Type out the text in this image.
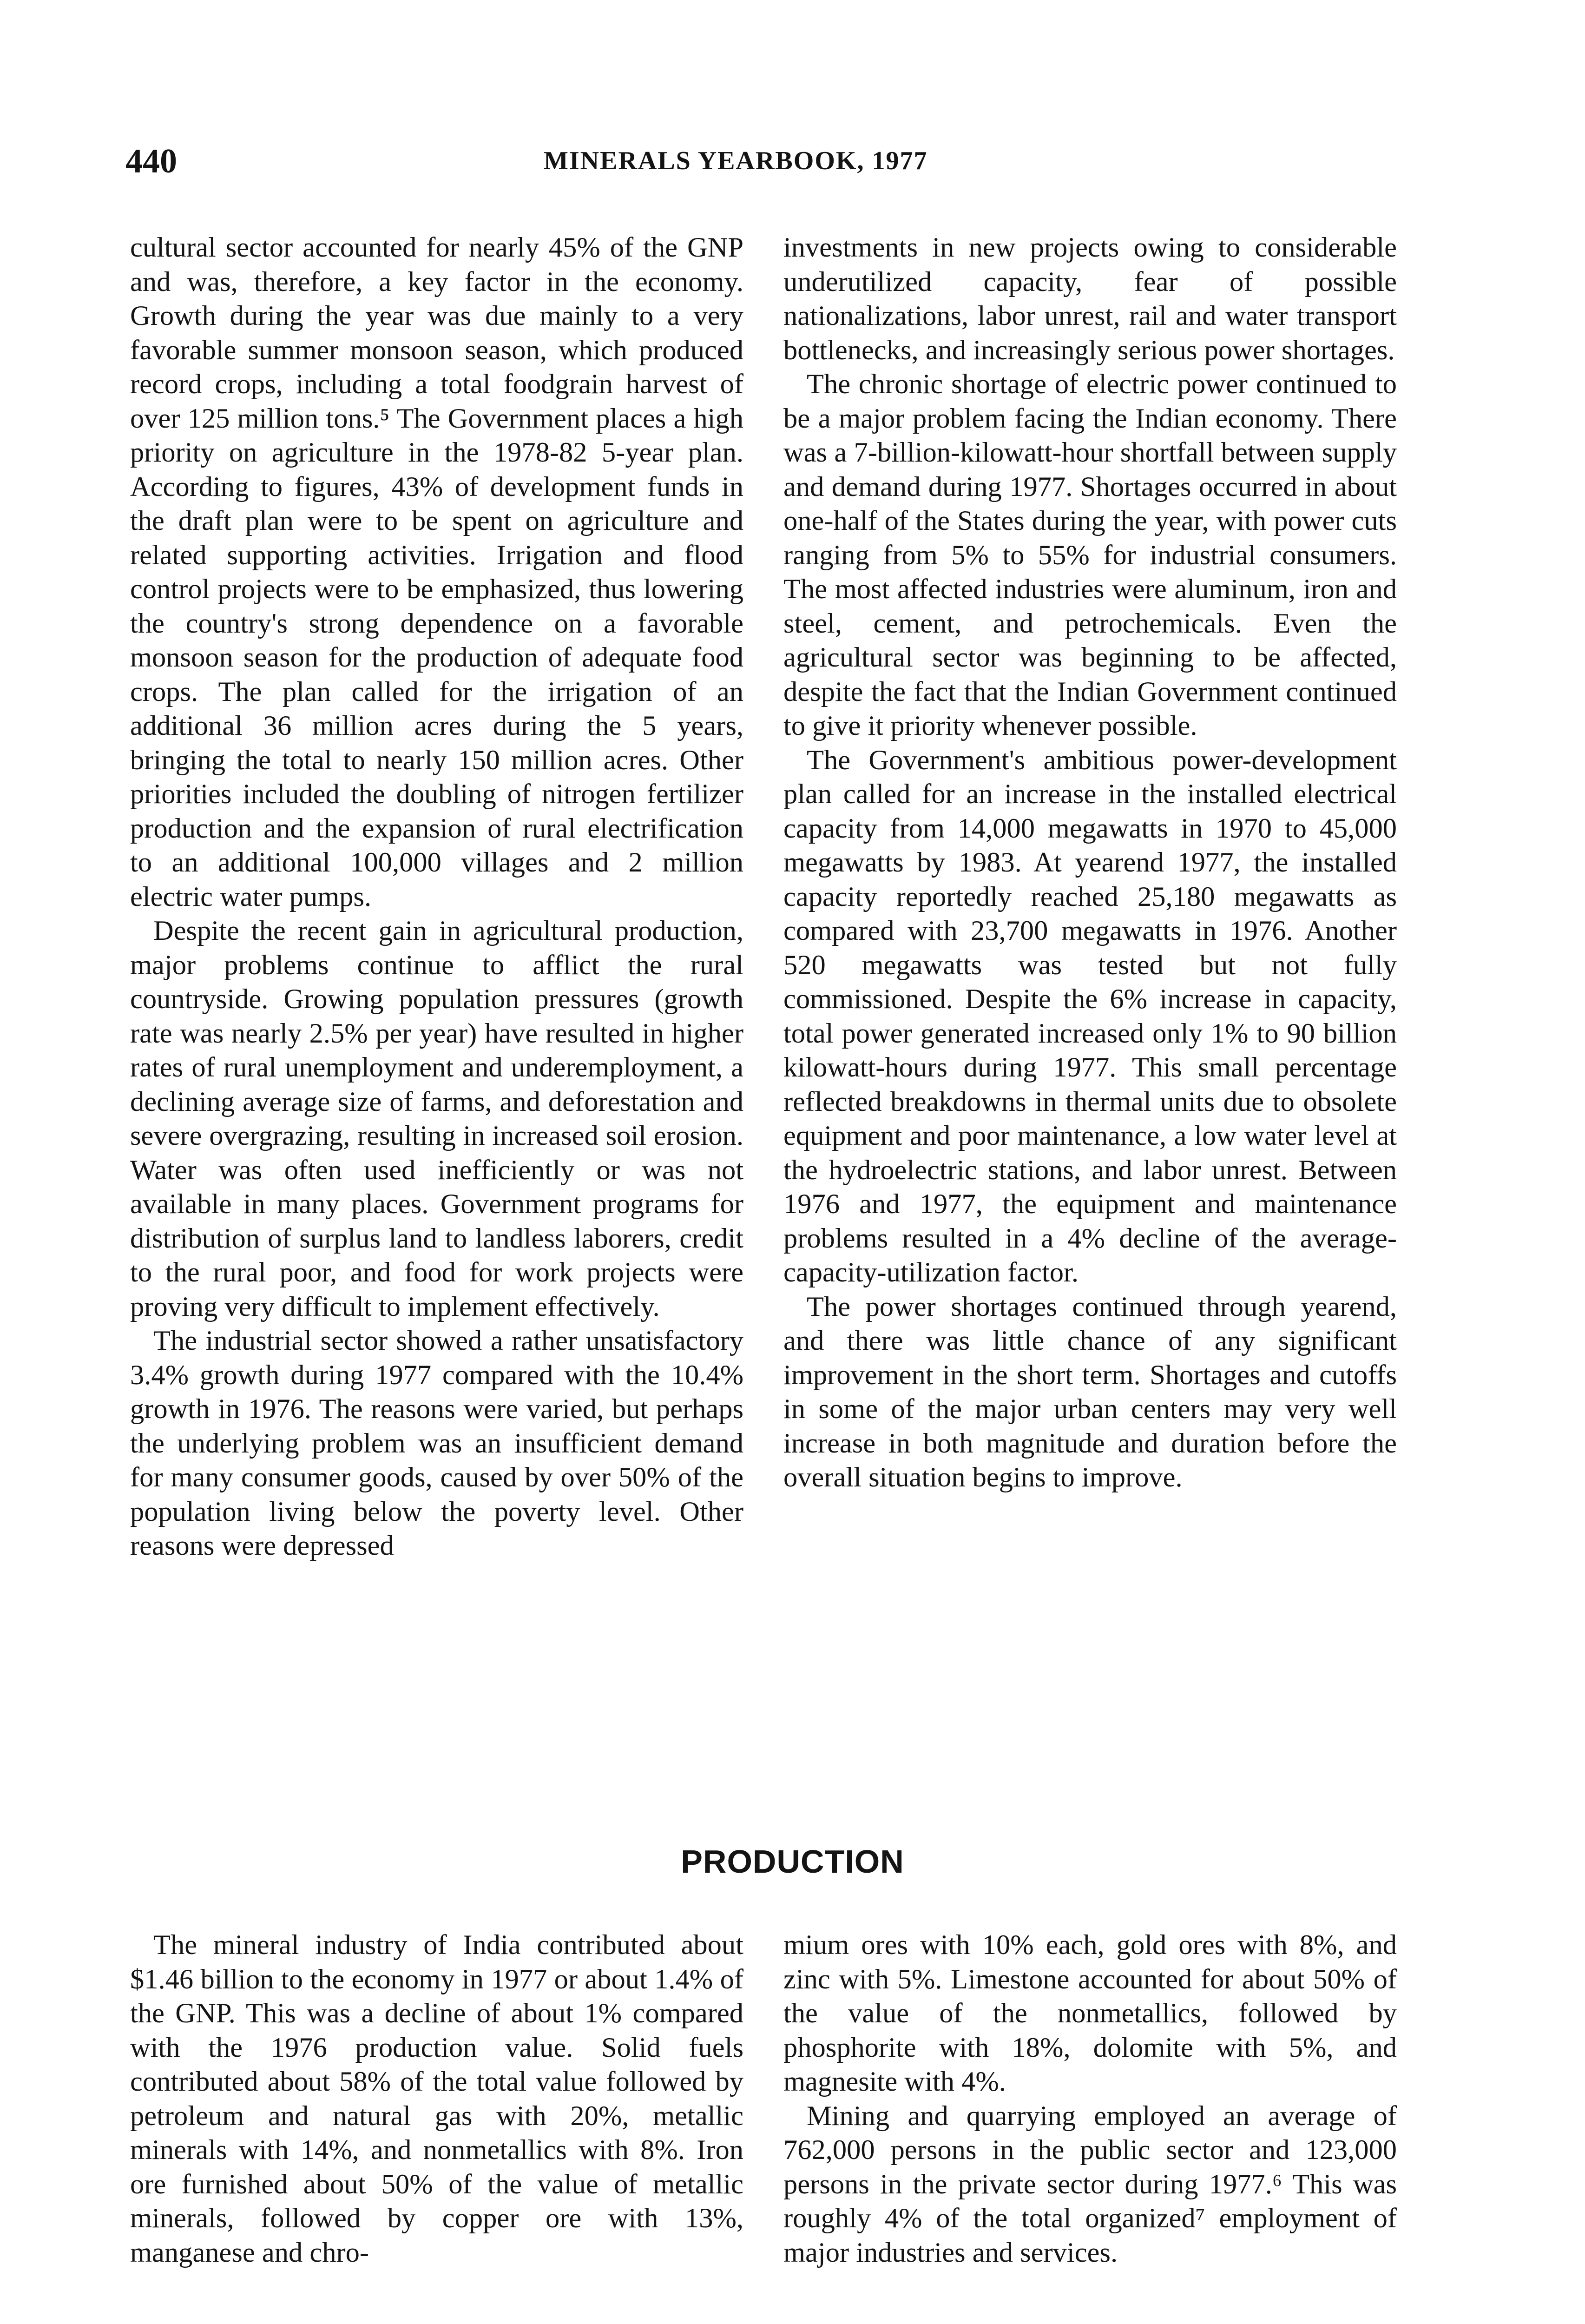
440	MINERALS YEARBOOK, 1977

cultural sector accounted for nearly 45% of the GNP and was, therefore, a key factor in the economy. Growth during the year was due mainly to a very favorable summer monsoon season, which produced record crops, including a total foodgrain harvest of over 125 million tons.⁵ The Government places a high priority on agriculture in the 1978-82 5-year plan. According to figures, 43% of development funds in the draft plan were to be spent on agriculture and related supporting activities. Irrigation and flood control projects were to be emphasized, thus lowering the country's strong dependence on a favorable monsoon season for the production of adequate food crops. The plan called for the irrigation of an additional 36 million acres during the 5 years, bringing the total to nearly 150 million acres. Other priorities included the doubling of nitrogen fertilizer production and the expansion of rural electrification to an additional 100,000 villages and 2 million electric water pumps.

Despite the recent gain in agricultural production, major problems continue to afflict the rural countryside. Growing population pressures (growth rate was nearly 2.5% per year) have resulted in higher rates of rural unemployment and underemployment, a declining average size of farms, and deforestation and severe overgrazing, resulting in increased soil erosion. Water was often used inefficiently or was not available in many places. Government programs for distribution of surplus land to landless laborers, credit to the rural poor, and food for work projects were proving very difficult to implement effectively.

The industrial sector showed a rather unsatisfactory 3.4% growth during 1977 compared with the 10.4% growth in 1976. The reasons were varied, but perhaps the underlying problem was an insufficient demand for many consumer goods, caused by over 50% of the population living below the poverty level. Other reasons were depressed

investments in new projects owing to considerable underutilized capacity, fear of possible nationalizations, labor unrest, rail and water transport bottlenecks, and increasingly serious power shortages.

The chronic shortage of electric power continued to be a major problem facing the Indian economy. There was a 7-billion-kilowatt-hour shortfall between supply and demand during 1977. Shortages occurred in about one-half of the States during the year, with power cuts ranging from 5% to 55% for industrial consumers. The most affected industries were aluminum, iron and steel, cement, and petrochemicals. Even the agricultural sector was beginning to be affected, despite the fact that the Indian Government continued to give it priority whenever possible.

The Government's ambitious power-development plan called for an increase in the installed electrical capacity from 14,000 megawatts in 1970 to 45,000 megawatts by 1983. At yearend 1977, the installed capacity reportedly reached 25,180 megawatts as compared with 23,700 megawatts in 1976. Another 520 megawatts was tested but not fully commissioned. Despite the 6% increase in capacity, total power generated increased only 1% to 90 billion kilowatt-hours during 1977. This small percentage reflected breakdowns in thermal units due to obsolete equipment and poor maintenance, a low water level at the hydroelectric stations, and labor unrest. Between 1976 and 1977, the equipment and maintenance problems resulted in a 4% decline of the average-capacity-utilization factor.

The power shortages continued through yearend, and there was little chance of any significant improvement in the short term. Shortages and cutoffs in some of the major urban centers may very well increase in both magnitude and duration before the overall situation begins to improve.

PRODUCTION

The mineral industry of India contributed about $1.46 billion to the economy in 1977 or about 1.4% of the GNP. This was a decline of about 1% compared with the 1976 production value. Solid fuels contributed about 58% of the total value followed by petroleum and natural gas with 20%, metallic minerals with 14%, and nonmetallics with 8%. Iron ore furnished about 50% of the value of metallic minerals, followed by copper ore with 13%, manganese and chro-

mium ores with 10% each, gold ores with 8%, and zinc with 5%. Limestone accounted for about 50% of the value of the nonmetallics, followed by phosphorite with 18%, dolomite with 5%, and magnesite with 4%.

Mining and quarrying employed an average of 762,000 persons in the public sector and 123,000 persons in the private sector during 1977.⁶ This was roughly 4% of the total organized⁷ employment of major industries and services.
